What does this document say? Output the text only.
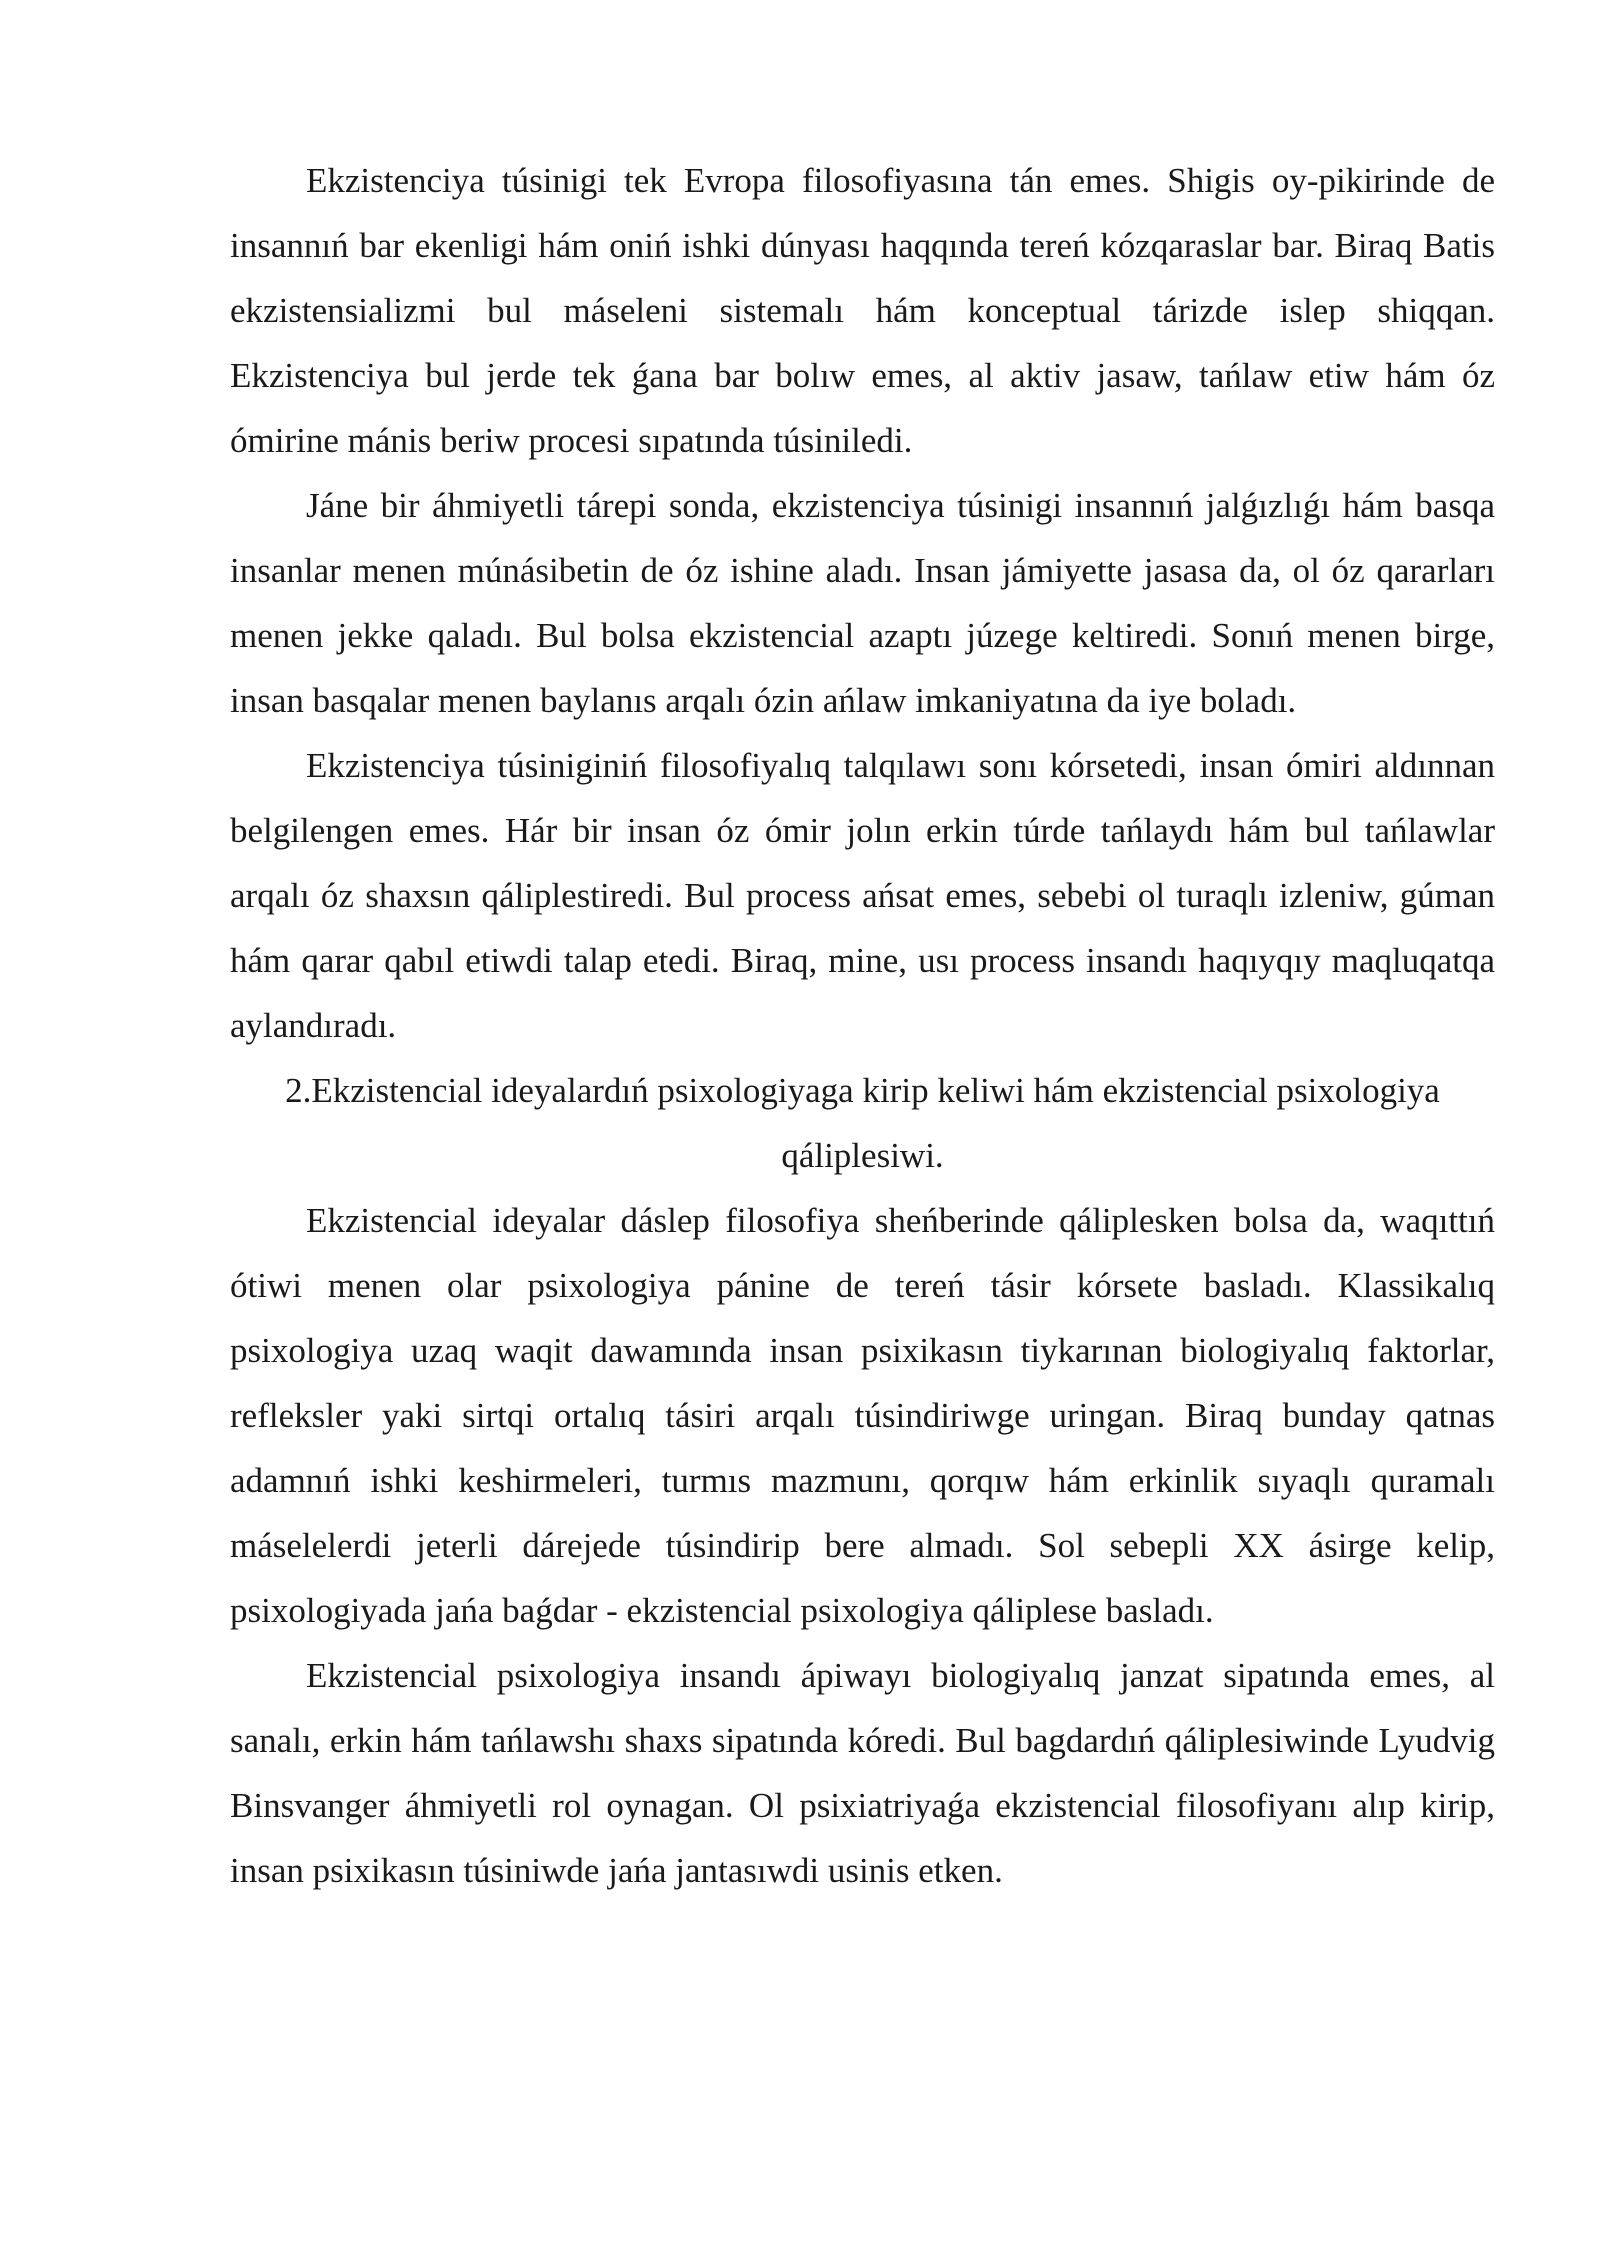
Ekzistenciya túsinigi tek Evropa filosofiyasına tán emes. Shigis oy-pikirinde de insannıń bar ekenligi hám oniń ishki dúnyası haqqında tereń kózqaraslar bar. Biraq Batis ekzistensializmi bul máseleni sistemalı hám konceptual tárizde islep shiqqan. Ekzistenciya bul jerde tek ǵana bar bolıw emes, al aktiv jasaw, tańlaw etiw hám óz ómirine mánis beriw procesi sıpatında túsiniledi.

Jáne bir áhmiyetli tárepi sonda, ekzistenciya túsinigi insannıń jalǵızlıǵı hám basqa insanlar menen múnásibetin de óz ishine aladı. Insan jámiyette jasasa da, ol óz qararları menen jekke qaladı. Bul bolsa ekzistencial azaptı júzege keltiredi. Sonıń menen birge, insan basqalar menen baylanıs arqalı ózin ańlaw imkaniyatına da iye boladı.

Ekzistenciya túsiniginiń filosofiyalıq talqılawı sonı kórsetedi, insan ómiri aldınnan belgilengen emes. Hár bir insan óz ómir jolın erkin túrde tańlaydı hám bul tańlawlar arqalı óz shaxsın qáliplestiredi. Bul process ańsat emes, sebebi ol turaqlı izleniw, gúman hám qarar qabıl etiwdi talap etedi. Biraq, mine, usı process insandı haqıyqıy maqluqatqa aylandıradı.

2.Ekzistencial ideyalardıń psixologiyaga kirip keliwi hám ekzistencial psixologiya qáliplesiwi.

Ekzistencial ideyalar dáslep filosofiya sheńberinde qáliplesken bolsa da, waqıttıń ótiwi menen olar psixologiya pánine de tereń tásir kórsete basladı. Klassikalıq psixologiya uzaq waqit dawamında insan psixikasın tiykarınan biologiyalıq faktorlar, refleksler yaki sirtqi ortalıq tásiri arqalı túsindiriwge uringan. Biraq bunday qatnas adamnıń ishki keshirmeleri, turmıs mazmunı, qorqıw hám erkinlik sıyaqlı quramalı máselelerdi jeterli dárejede túsindirip bere almadı. Sol sebepli XX ásirge kelip, psixologiyada jańa baǵdar - ekzistencial psixologiya qáliplese basladı.

Ekzistencial psixologiya insandı ápiwayı biologiyalıq janzat sipatında emes, al sanalı, erkin hám tańlawshı shaxs sipatında kóredi. Bul bagdardıń qáliplesiwinde Lyudvig Binsvanger áhmiyetli rol oynagan. Ol psixiatriyaǵa ekzistencial filosofiyanı alıp kirip, insan psixikasın túsiniwde jańa jantasıwdi usinis etken.
